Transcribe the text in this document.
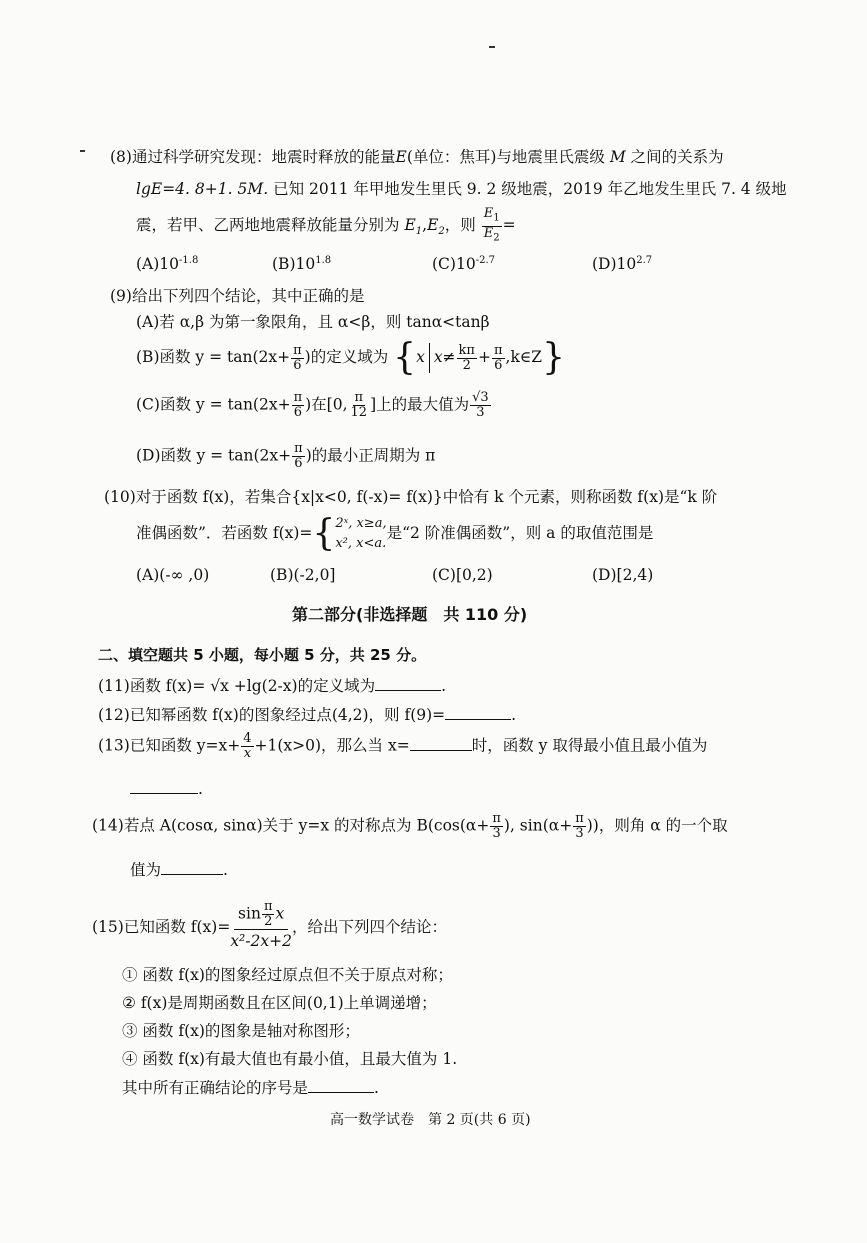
(8)通过科学研究发现：地震时释放的能量E(单位：焦耳)与地震里氏震级 M 之间的关系为
lgE=4. 8+1. 5M. 已知 2011 年甲地发生里氏 9. 2 级地震，2019 年乙地发生里氏 7. 4 级地
震，若甲、乙两地地震释放能量分别为 $E_1,E_2$，则 $\frac{E_1}{E_2}$ =
$(A)10^{-1.8}$	$(B)10^{1.8}$	$(C)10^{-2.7}$	$(D)10^{2.7}$
(9)给出下列四个结论，其中正确的是
(A)若 α,β 为第一象限角，且 α<β，则 tanα<tanβ
(B)函数 $y = \tan(2x+ \frac{\pi}{6}$ )的定义域为 {x $x\ne \frac{k\pi}{2} + \frac{\pi}{6}$ ,k∈Z}
(C)函数 $y = \tan(2x+ \frac{\pi}{6}$ )在[0, $\frac{\pi}{12}$ ]上的最大值为 $\frac{√3}{3}$
(D)函数 $y = \tan(2x+ \frac{\pi}{6}$ )的最小正周期为 π
(10)对于函数 f(x)，若集合{x|x<0, f(-x)= f(x)}中恰有 k 个元素，则称函数 f(x)是“k 阶
准偶函数”．若函数 f(x)={ 2ˣ, x≥a,
x², x<a.
是“2 阶准偶函数”，则 a 的取值范围是
(A)(-∞ ,0)	(B)(-2,0]	(C)[0,2)	(D)[2,4)
第二部分(非选择题　共 110 分)
二、填空题共 5 小题，每小题 5 分，共 25 分。
(11)函数 f(x)= √x +lg(2-x)的定义域为	.
(12)已知幂函数 f(x)的图象经过点(4,2)，则 f(9)=	.
(13)已知函数 $y=x+ \frac{4}{x} +1(x>0)$，那么当 x=	时，函数 y 取得最小值且最小值为
.
(14)若点 A(cosα, sinα)关于 y=x 的对称点为 $B(\cos(\alpha+ \frac{\pi}{3}$ ), $\sin(\alpha+ \frac{\pi}{3}$ ))，则角 α 的一个取
值为	.
(15)已知函数 $f(x)= \frac{\sin \frac{\pi}{2} x}{\text{x²-2x+2}}$ ，给出下列四个结论：
① 函数 f(x)的图象经过原点但不关于原点对称；
② f(x)是周期函数且在区间(0,1)上单调递增；
③ 函数 f(x)的图象是轴对称图形；
④ 函数 f(x)有最大值也有最小值，且最大值为 1.
其中所有正确结论的序号是	.
高一数学试卷　第 2 页(共 6 页)
